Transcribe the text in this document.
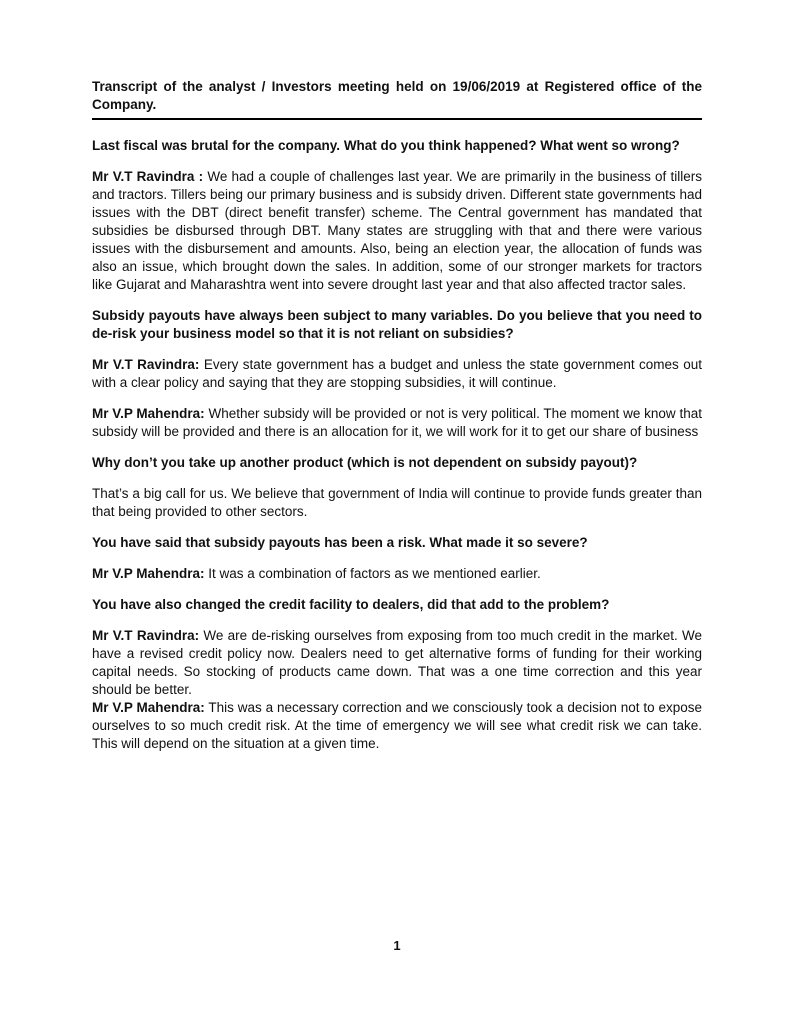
Transcript of the analyst / Investors meeting held on 19/06/2019 at Registered office of the Company.

Last fiscal was brutal for the company. What do you think happened? What went so wrong?

Mr V.T Ravindra : We had a couple of challenges last year. We are primarily in the business of tillers and tractors. Tillers being our primary business and is subsidy driven. Different state governments had issues with the DBT (direct benefit transfer) scheme. The Central government has mandated that subsidies be disbursed through DBT. Many states are struggling with that and there were various issues with the disbursement and amounts. Also, being an election year, the allocation of funds was also an issue, which brought down the sales. In addition, some of our stronger markets for tractors like Gujarat and Maharashtra went into severe drought last year and that also affected tractor sales.

Subsidy payouts have always been subject to many variables. Do you believe that you need to de-risk your business model so that it is not reliant on subsidies?

Mr V.T Ravindra: Every state government has a budget and unless the state government comes out with a clear policy and saying that they are stopping subsidies, it will continue.

Mr V.P Mahendra: Whether subsidy will be provided or not is very political. The moment we know that subsidy will be provided and there is an allocation for it, we will work for it to get our share of business

Why don’t you take up another product (which is not dependent on subsidy payout)?

That’s a big call for us. We believe that government of India will continue to provide funds greater than that being provided to other sectors.

You have said that subsidy payouts has been a risk. What made it so severe?

Mr V.P Mahendra: It was a combination of factors as we mentioned earlier.

You have also changed the credit facility to dealers, did that add to the problem?

Mr V.T Ravindra: We are de-risking ourselves from exposing from too much credit in the market. We have a revised credit policy now. Dealers need to get alternative forms of funding for their working capital needs. So stocking of products came down. That was a one time correction and this year should be better.

Mr V.P Mahendra: This was a necessary correction and we consciously took a decision not to expose ourselves to so much credit risk. At the time of emergency we will see what credit risk we can take. This will depend on the situation at a given time.

1
